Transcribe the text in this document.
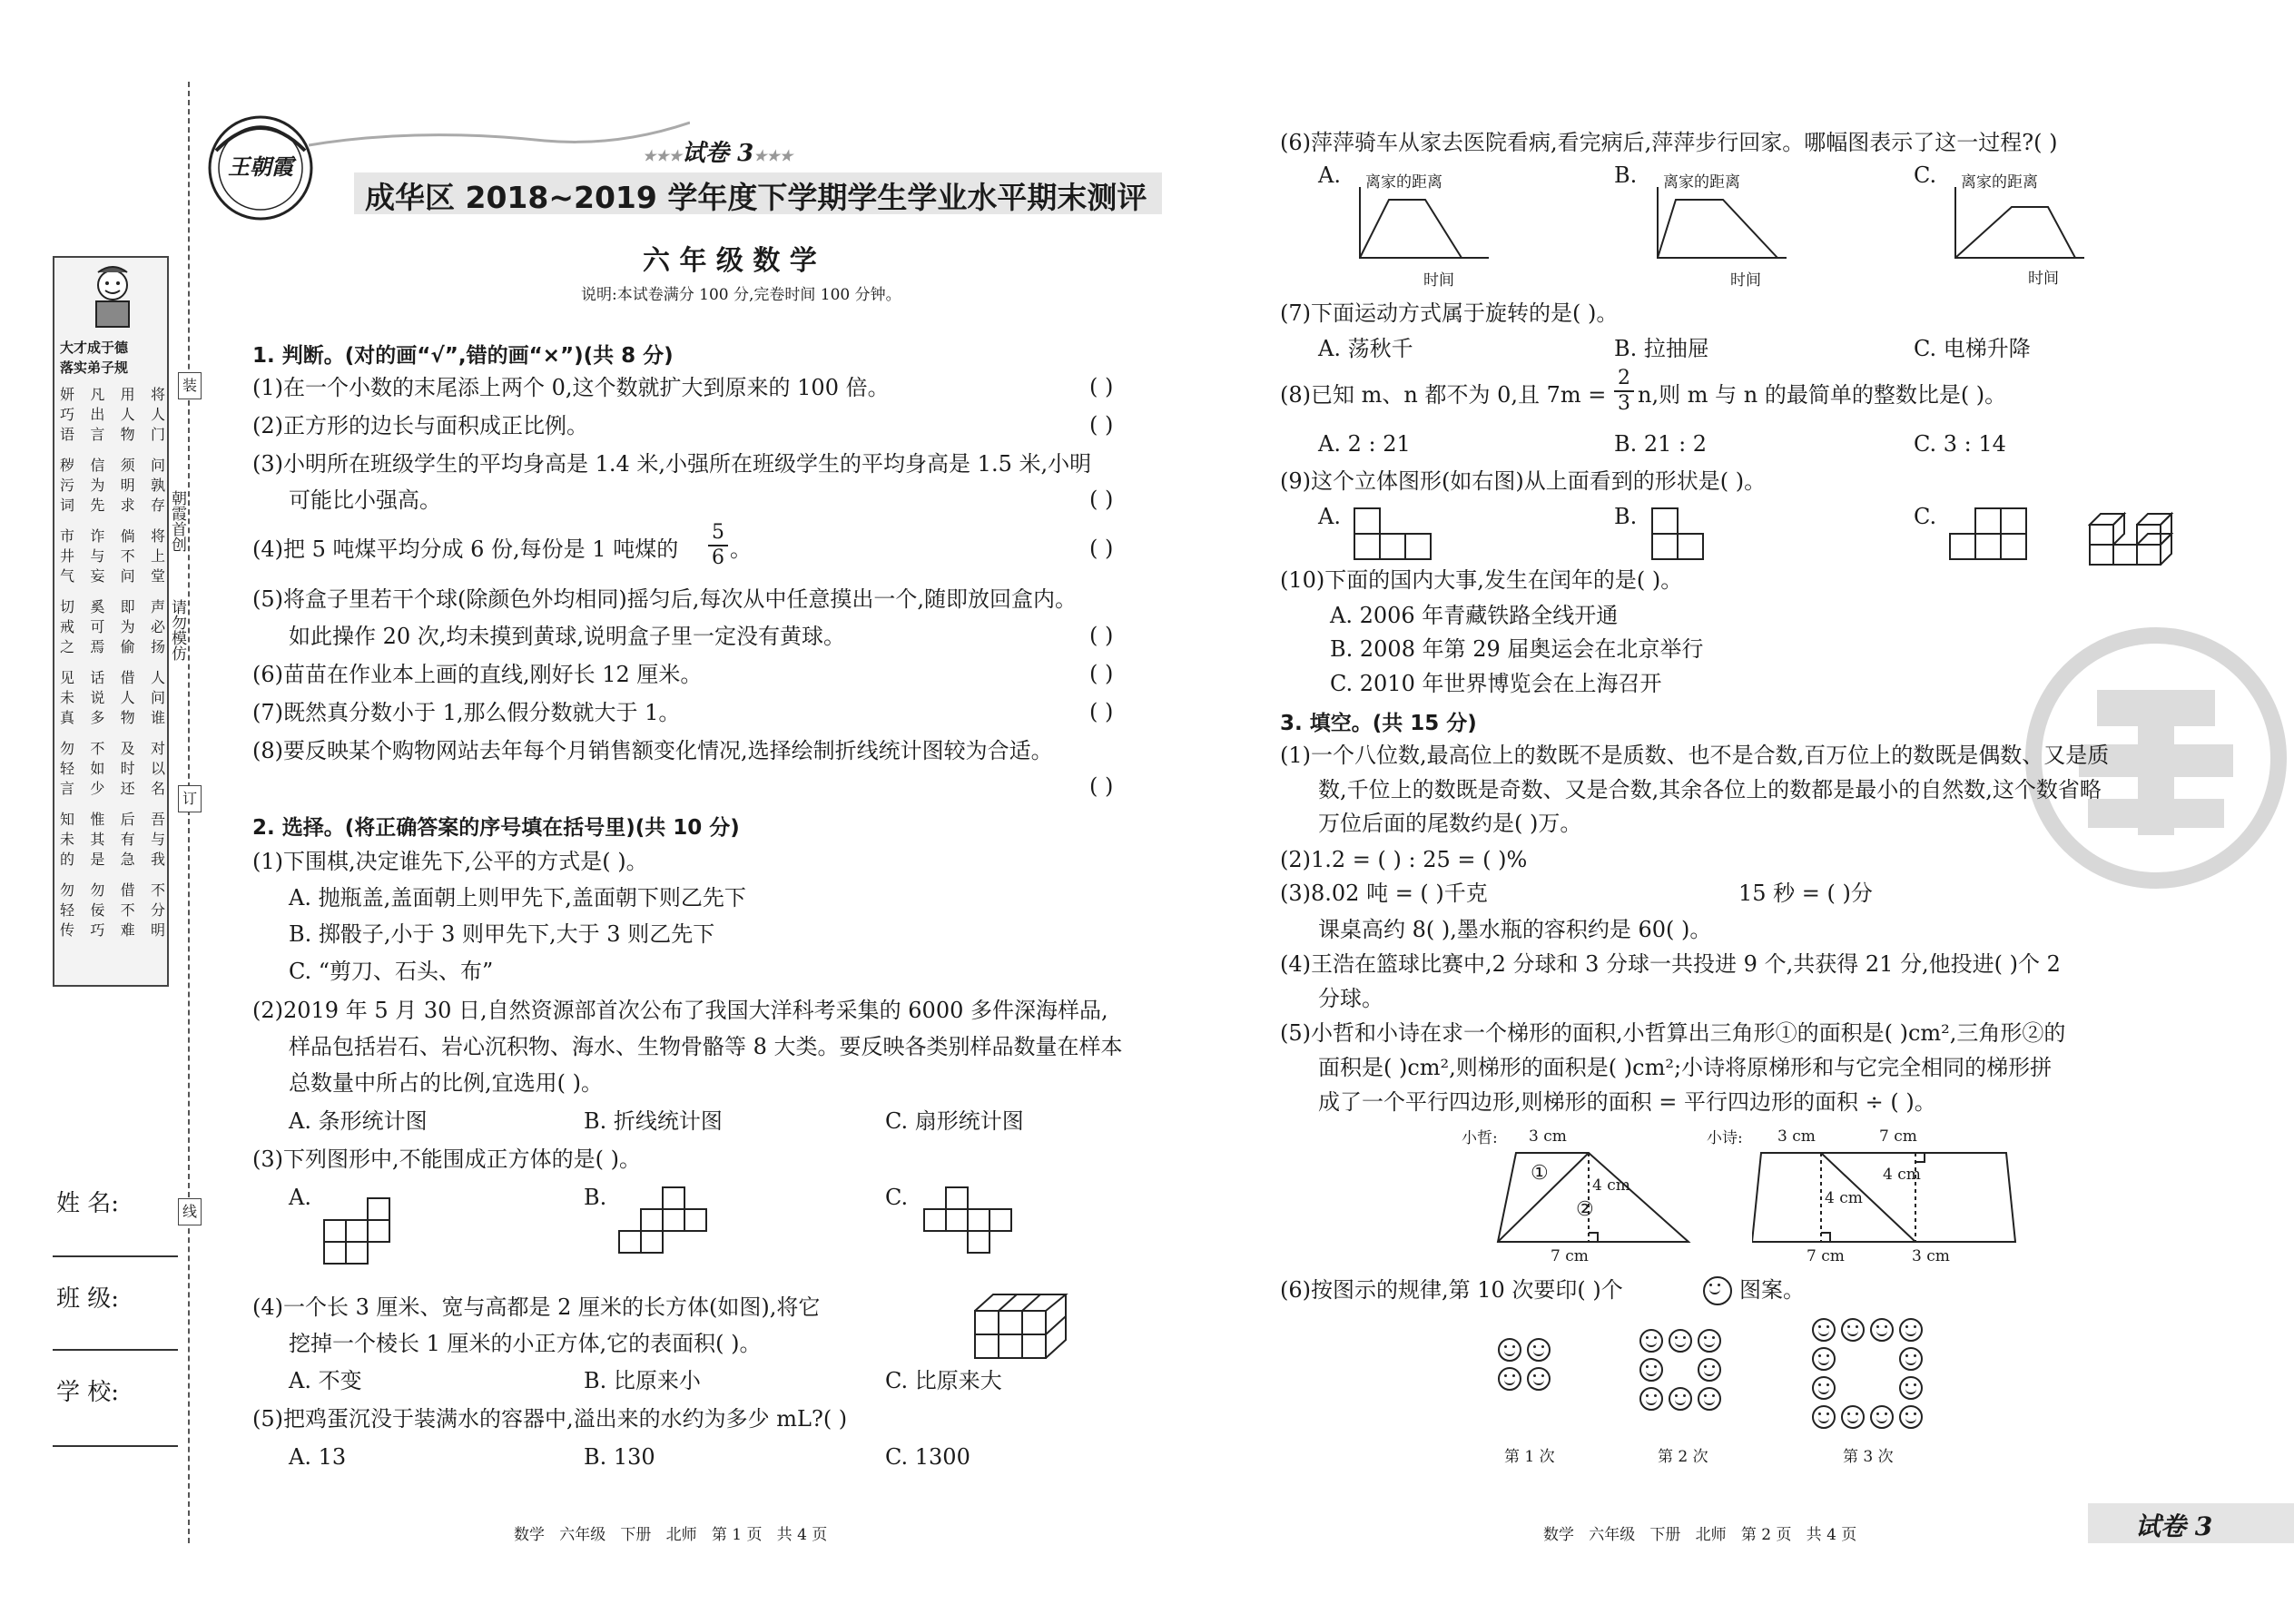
大才成于德
落实弟子规
妍 凡 用 将
巧 出 人 人
语 言 物 门
秽 信 须 问
污 为 明 孰
词 先 求 存
市 诈 倘 将
井 与 不 上
气 妄 问 堂
切 奚 即 声
戒 可 为 必
之 焉 偷 扬
见 话 借 人
未 说 人 问
真 多 物 谁
勿 不 及 对
轻 如 时 以
言 少 还 名
知 惟 后 吾
未 其 有 与
的 是 急 我
勿 勿 借 不
轻 佞 不 分
传 巧 难 明
装
订
线
朝霞首创
请勿模仿
姓 名:
班 级:
学 校:
王朝霞	★★★试卷 3★★★
成华区 2018~2019 学年度下学期学生学业水平期末测评
六 年 级 数 学
说明:本试卷满分 100 分,完卷时间 100 分钟。
1. 判断。(对的画“√”,错的画“×”)(共 8 分)
(1)在一个小数的末尾添上两个 0,这个数就扩大到原来的 100 倍。	( )
(2)正方形的边长与面积成正比例。	( )
(3)小明所在班级学生的平均身高是 1.4 米,小强所在班级学生的平均身高是 1.5 米,小明
可能比小强高。	( )
(4)把 5 吨煤平均分成 6 份,每份是 1 吨煤的
5
6 。	( )
(5)将盒子里若干个球(除颜色外均相同)摇匀后,每次从中任意摸出一个,随即放回盒内。
如此操作 20 次,均未摸到黄球,说明盒子里一定没有黄球。	( )
(6)苗苗在作业本上画的直线,刚好长 12 厘米。	( )
(7)既然真分数小于 1,那么假分数就大于 1。	( )
(8)要反映某个购物网站去年每个月销售额变化情况,选择绘制折线统计图较为合适。
( )
2. 选择。(将正确答案的序号填在括号里)(共 10 分)
(1)下围棋,决定谁先下,公平的方式是( )。
A. 抛瓶盖,盖面朝上则甲先下,盖面朝下则乙先下
B. 掷骰子,小于 3 则甲先下,大于 3 则乙先下
C. “剪刀、石头、布”
(2)2019 年 5 月 30 日,自然资源部首次公布了我国大洋科考采集的 6000 多件深海样品,
样品包括岩石、岩心沉积物、海水、生物骨骼等 8 大类。要反映各类别样品数量在样本
总数量中所占的比例,宜选用( )。
A. 条形统计图	B. 折线统计图	C. 扇形统计图
(3)下列图形中,不能围成正方体的是( )。
A.	B.	C.
(4)一个长 3 厘米、宽与高都是 2 厘米的长方体(如图),将它
挖掉一个棱长 1 厘米的小正方体,它的表面积( )。
A. 不变	B. 比原来小	C. 比原来大
(5)把鸡蛋沉没于装满水的容器中,溢出来的水约为多少 mL?( )
A. 13	B. 130	C. 1300
数学   六年级   下册   北师   第 1 页   共 4 页
(6)萍萍骑车从家去医院看病,看完病后,萍萍步行回家。哪幅图表示了这一过程?( )
A. 离家的距离
时间
B. 离家的距离
时间
C. 离家的距离
时间
(7)下面运动方式属于旋转的是( )。
A. 荡秋千	B. 拉抽屉	C. 电梯升降
(8)已知 m、n 都不为 0,且 7m =
2
3 n,则 m 与 n 的最简单的整数比是( )。
A. 2 : 21	B. 21 : 2	C. 3 : 14
(9)这个立体图形(如右图)从上面看到的形状是( )。
A.	B.	C.
(10)下面的国内大事,发生在闰年的是( )。
A. 2006 年青藏铁路全线开通
B. 2008 年第 29 届奥运会在北京举行
C. 2010 年世界博览会在上海召开
3. 填空。(共 15 分)
(1)一个八位数,最高位上的数既不是质数、也不是合数,百万位上的数既是偶数、又是质
数,千位上的数既是奇数、又是合数,其余各位上的数都是最小的自然数,这个数省略
万位后面的尾数约是( )万。
(2)1.2 = ( ) : 25 = ( )%
(3)8.02 吨 = ( )千克	15 秒 = ( )分
课桌高约 8( ),墨水瓶的容积约是 60( )。
(4)王浩在篮球比赛中,2 分球和 3 分球一共投进 9 个,共获得 21 分,他投进( )个 2
分球。
(5)小哲和小诗在求一个梯形的面积,小哲算出三角形①的面积是( )cm²,三角形②的
面积是( )cm²,则梯形的面积是( )cm²;小诗将原梯形和与它完全相同的梯形拼
成了一个平行四边形,则梯形的面积 = 平行四边形的面积 ÷ ( )。
小哲: 3 cm
①
4 cm
②
7 cm
小诗: 3 cm	7 cm
4 cm
4 cm
7 cm	3 cm
(6)按图示的规律,第 10 次要印( )个	图案。
第 1 次	第 2 次	第 3 次
数学   六年级   下册   北师   第 2 页   共 4 页	试卷 3
